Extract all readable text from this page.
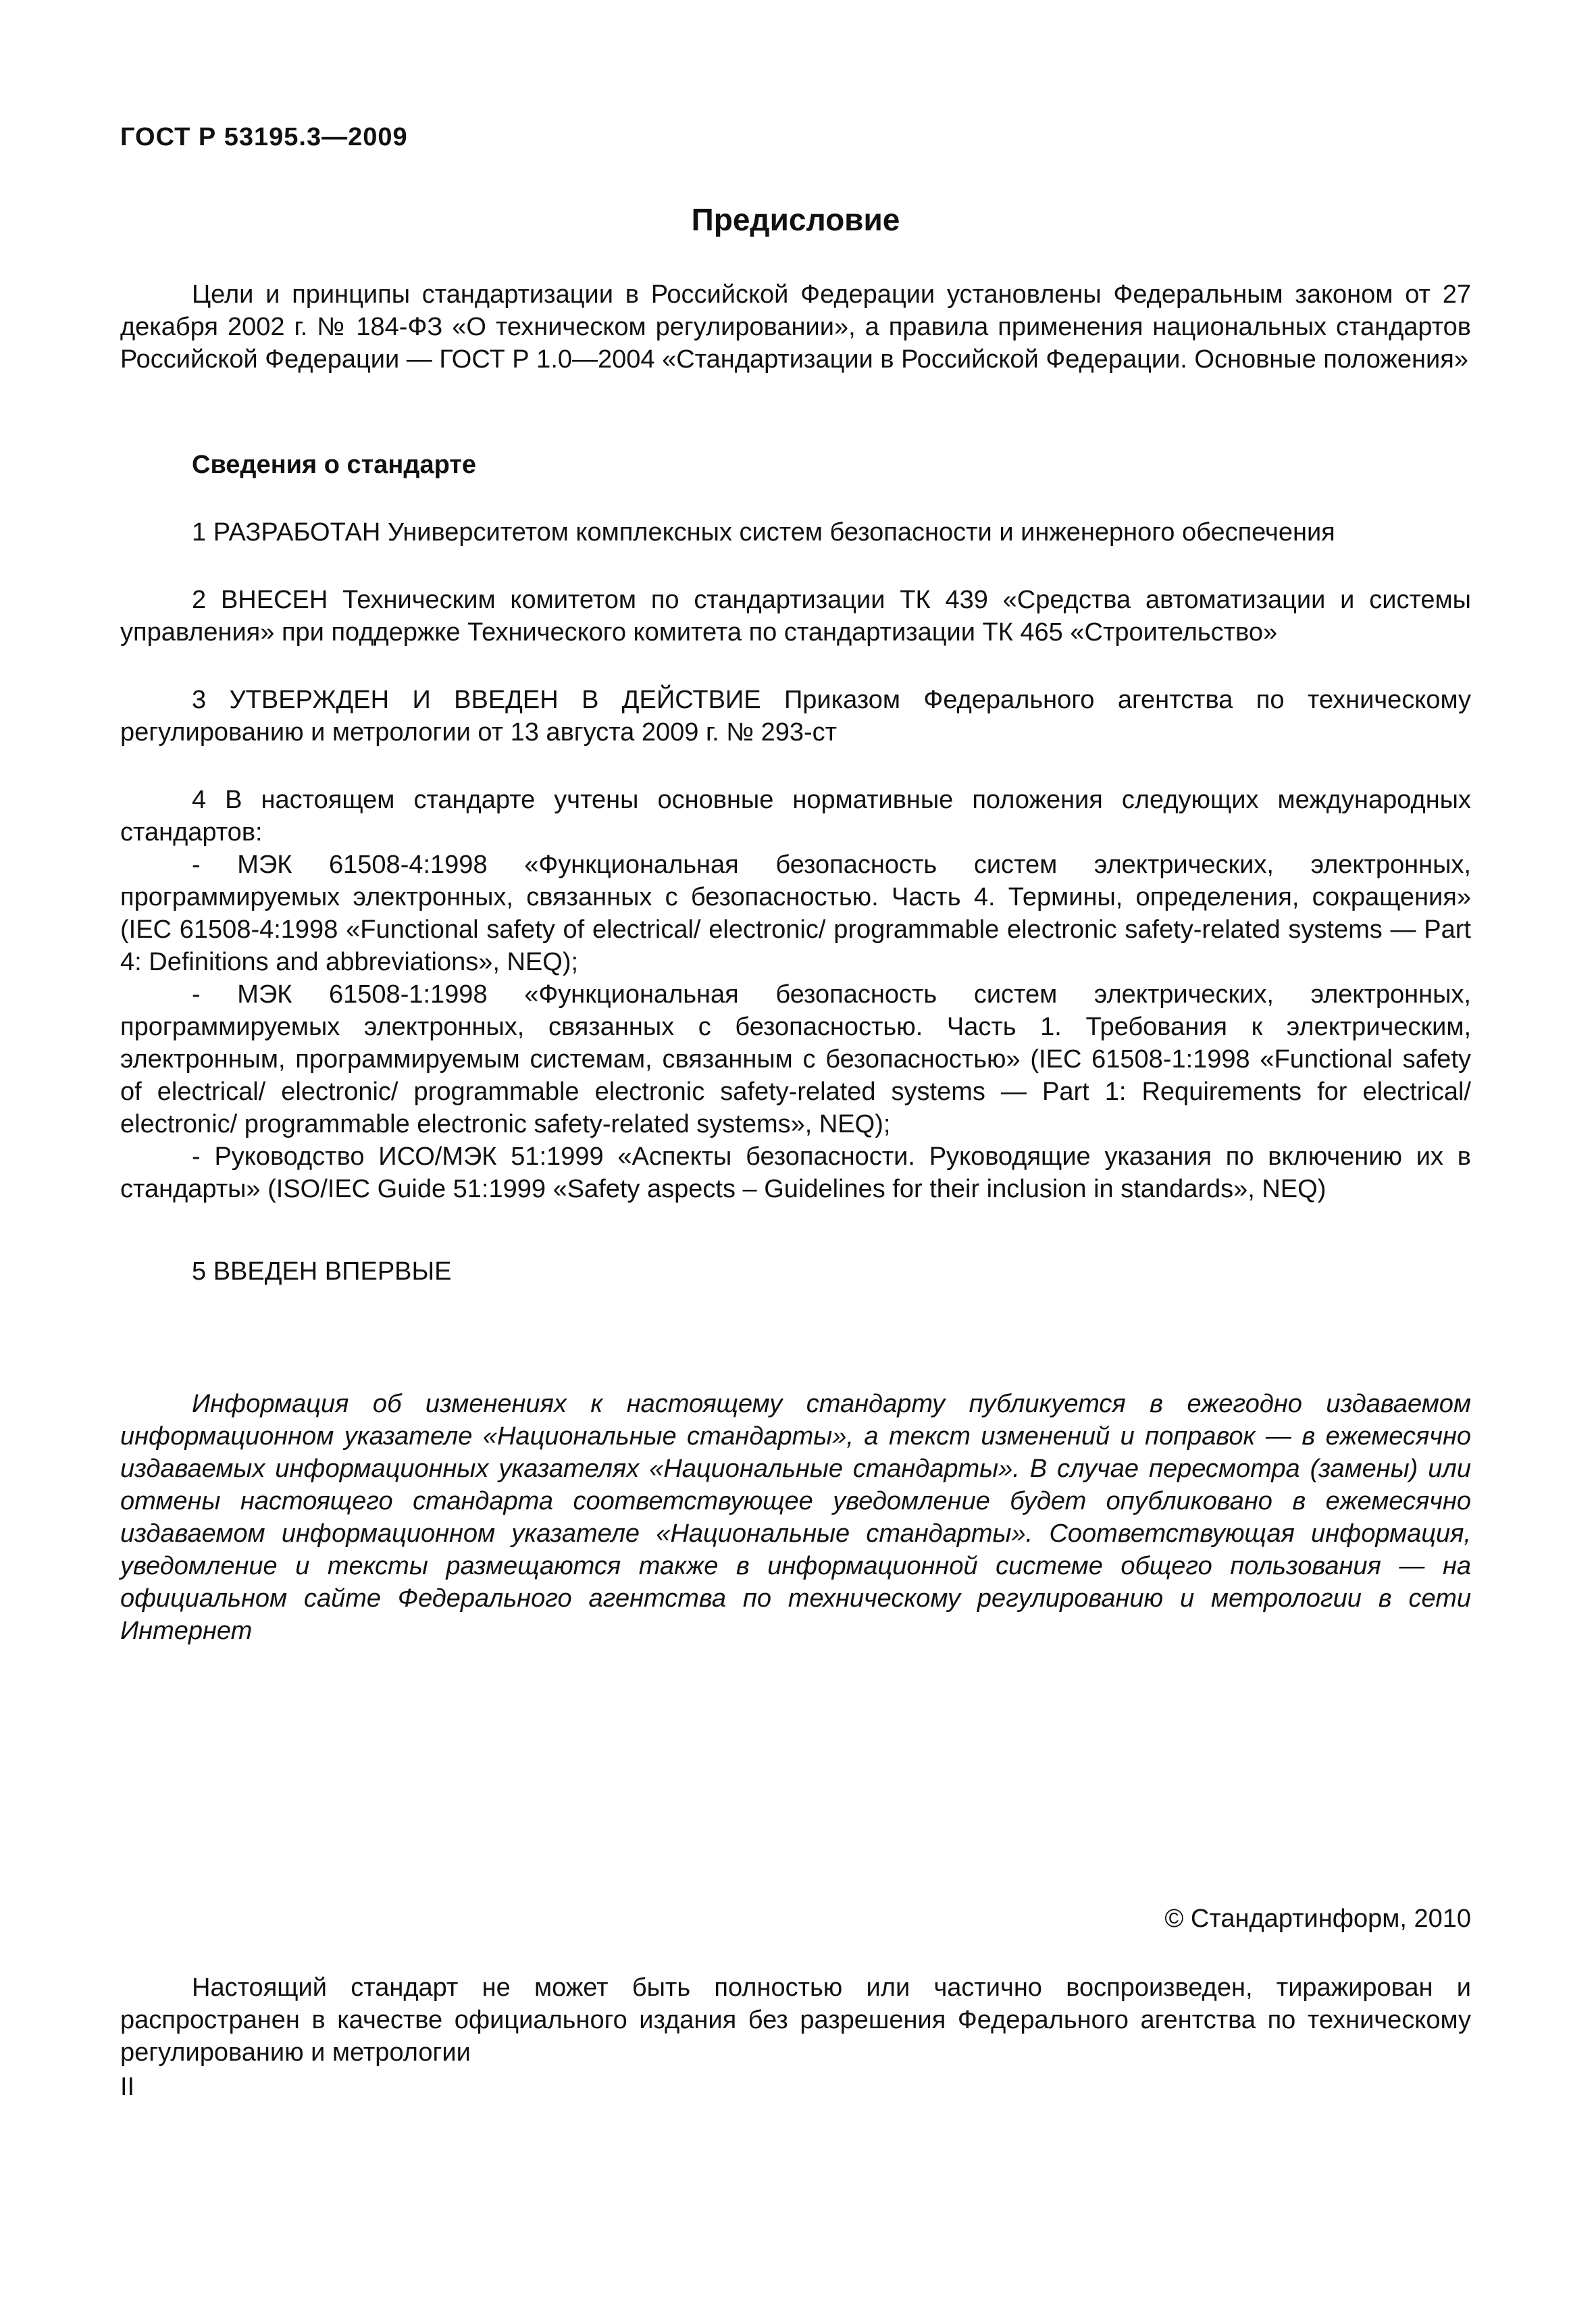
ГОСТ Р 53195.3—2009
Предисловие

Цели и принципы стандартизации в Российской Федерации установлены Федеральным законом от 27 декабря 2002 г. № 184-ФЗ «О техническом регулировании», а правила применения национальных стандартов Российской Федерации — ГОСТ Р 1.0—2004 «Стандартизации в Российской Федерации. Основные положения»

Сведения о стандарте

1 РАЗРАБОТАН Университетом комплексных систем безопасности и инженерного обеспечения

2 ВНЕСЕН Техническим комитетом по стандартизации ТК 439 «Средства автоматизации и системы управления» при поддержке Технического комитета по стандартизации ТК 465 «Строительство»

3 УТВЕРЖДЕН И ВВЕДЕН В ДЕЙСТВИЕ Приказом Федерального агентства по техническому регулированию и метрологии от 13 августа 2009 г. № 293-ст

4 В настоящем стандарте учтены основные нормативные положения следующих международных стандартов:

- МЭК 61508-4:1998 «Функциональная безопасность систем электрических, электронных, программируемых электронных, связанных с безопасностью. Часть 4. Термины, определения, сокращения» (IEC 61508-4:1998 «Functional safety of electrical/ electronic/ programmable electronic safety-related systems — Part 4: Definitions and abbreviations», NEQ);

- МЭК 61508-1:1998 «Функциональная безопасность систем электрических, электронных, программируемых электронных, связанных с безопасностью. Часть 1. Требования к электрическим, электронным, программируемым системам, связанным с безопасностью» (IEC 61508-1:1998 «Functional safety of electrical/ electronic/ programmable electronic safety-related systems — Part 1: Requirements for electrical/ electronic/ programmable electronic safety-related systems», NEQ);

- Руководство ИСО/МЭК 51:1999 «Аспекты безопасности. Руководящие указания по включению их в стандарты» (ISO/IEC Guide 51:1999 «Safety aspects – Guidelines for their inclusion in standards», NEQ)

5 ВВЕДЕН ВПЕРВЫЕ

Информация об изменениях к настоящему стандарту публикуется в ежегодно издаваемом информационном указателе «Национальные стандарты», а текст изменений и поправок — в ежемесячно издаваемых информационных указателях «Национальные стандарты». В случае пересмотра (замены) или отмены настоящего стандарта соответствующее уведомление будет опубликовано в ежемесячно издаваемом информационном указателе «Национальные стандарты». Соответствующая информация, уведомление и тексты размещаются также в информационной системе общего пользования — на официальном сайте Федерального агентства по техническому регулированию и метрологии в сети Интернет

© Стандартинформ, 2010

Настоящий стандарт не может быть полностью или частично воспроизведен, тиражирован и распространен в качестве официального издания без разрешения Федерального агентства по техническому регулированию и метрологии

II
